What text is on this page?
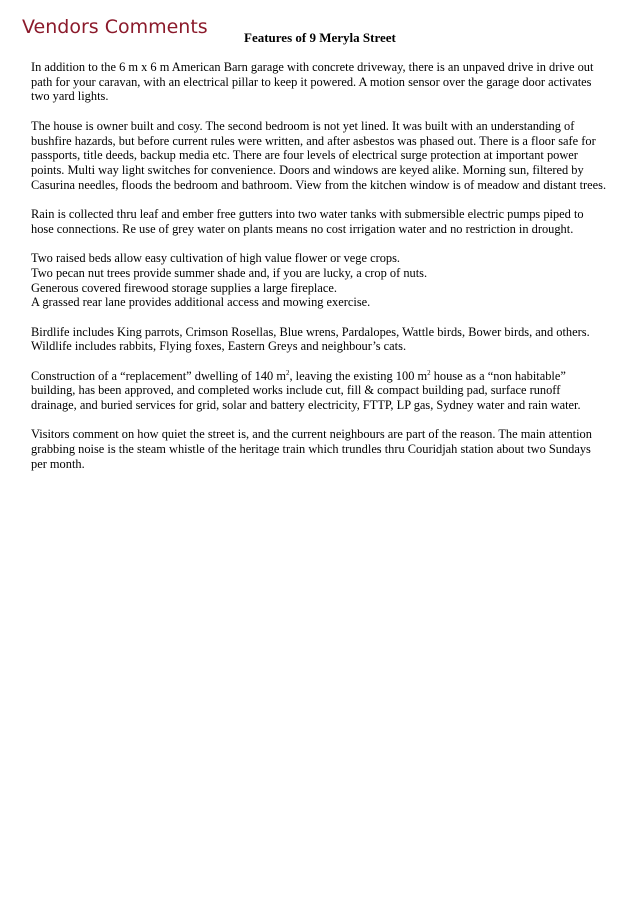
Vendors Comments	Features of 9 Meryla Street

In addition to the 6 m x 6 m American Barn garage with concrete driveway, there is an unpaved drive in drive out path for your caravan, with an electrical pillar to keep it powered. A motion sensor over the garage door activates two yard lights.

The house is owner built and cosy. The second bedroom is not yet lined. It was built with an understanding of bushfire hazards, but before current rules were written, and after asbestos was phased out. There is a floor safe for passports, title deeds, backup media etc. There are four levels of electrical surge protection at important power points. Multi way light switches for convenience. Doors and windows are keyed alike. Morning sun, filtered by Casurina needles, floods the bedroom and bathroom. View from the kitchen window is of meadow and distant trees.

Rain is collected thru leaf and ember free gutters into two water tanks with submersible electric pumps piped to hose connections. Re use of grey water on plants means no cost irrigation water and no restriction in drought.

Two raised beds allow easy cultivation of high value flower or vege crops.

Two pecan nut trees provide summer shade and, if you are lucky, a crop of nuts.

Generous covered firewood storage supplies a large fireplace.

A grassed rear lane provides additional access and mowing exercise.

Birdlife includes King parrots, Crimson Rosellas, Blue wrens, Pardalopes, Wattle birds, Bower birds, and others. Wildlife includes rabbits, Flying foxes, Eastern Greys and neighbour’s cats.

Construction of a “replacement” dwelling of 140 $m^2$, leaving the existing 100 $m^2$ house as a “non habitable” building, has been approved, and completed works include cut, fill & compact building pad, surface runoff drainage, and buried services for grid, solar and battery electricity, FTTP, LP gas, Sydney water and rain water.

Visitors comment on how quiet the street is, and the current neighbours are part of the reason. The main attention grabbing noise is the steam whistle of the heritage train which trundles thru Couridjah station about two Sundays per month.
